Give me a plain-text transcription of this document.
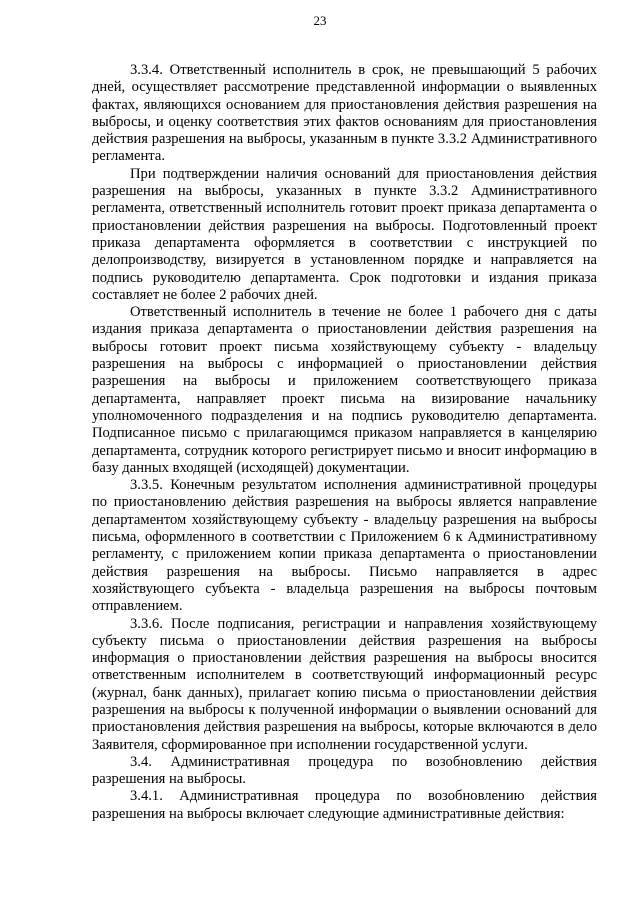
23

3.3.4. Ответственный исполнитель в срок, не превышающий 5 рабочих дней, осуществляет рассмотрение представленной информации о выявленных фактах, являющихся основанием для приостановления действия разрешения на выбросы, и оценку соответствия этих фактов основаниям для приостановления действия разрешения на выбросы, указанным в пункте 3.3.2 Административного регламента.

При подтверждении наличия оснований для приостановления действия разрешения на выбросы, указанных в пункте 3.3.2 Административного регламента, ответственный исполнитель готовит проект приказа департамента о приостановлении действия разрешения на выбросы. Подготовленный проект приказа департамента оформляется в соответствии с инструкцией по делопроизводству, визируется в установленном порядке и направляется на подпись руководителю департамента. Срок подготовки и издания приказа составляет не более 2 рабочих дней.

Ответственный исполнитель в течение не более 1 рабочего дня с даты издания приказа департамента о приостановлении действия разрешения на выбросы готовит проект письма хозяйствующему субъекту - владельцу разрешения на выбросы с информацией о приостановлении действия разрешения на выбросы и приложением соответствующего приказа департамента, направляет проект письма на визирование начальнику уполномоченного подразделения и на подпись руководителю департамента. Подписанное письмо с прилагающимся приказом направляется в канцелярию департамента, сотрудник которого регистрирует письмо и вносит информацию в базу данных входящей (исходящей) документации.

3.3.5. Конечным результатом исполнения административной процедуры по приостановлению действия разрешения на выбросы является направление департаментом хозяйствующему субъекту - владельцу разрешения на выбросы письма, оформленного в соответствии с Приложением 6 к Административному регламенту, с приложением копии приказа департамента о приостановлении действия разрешения на выбросы. Письмо направляется в адрес хозяйствующего субъекта - владельца разрешения на выбросы почтовым отправлением.

3.3.6. После подписания, регистрации и направления хозяйствующему субъекту письма о приостановлении действия разрешения на выбросы информация о приостановлении действия разрешения на выбросы вносится ответственным исполнителем в соответствующий информационный ресурс (журнал, банк данных), прилагает копию письма о приостановлении действия разрешения на выбросы к полученной информации о выявлении оснований для приостановления действия разрешения на выбросы, которые включаются в дело Заявителя, сформированное при исполнении государственной услуги.

3.4. Административная процедура по возобновлению действия разрешения на выбросы.

3.4.1. Административная процедура по возобновлению действия разрешения на выбросы включает следующие административные действия:
